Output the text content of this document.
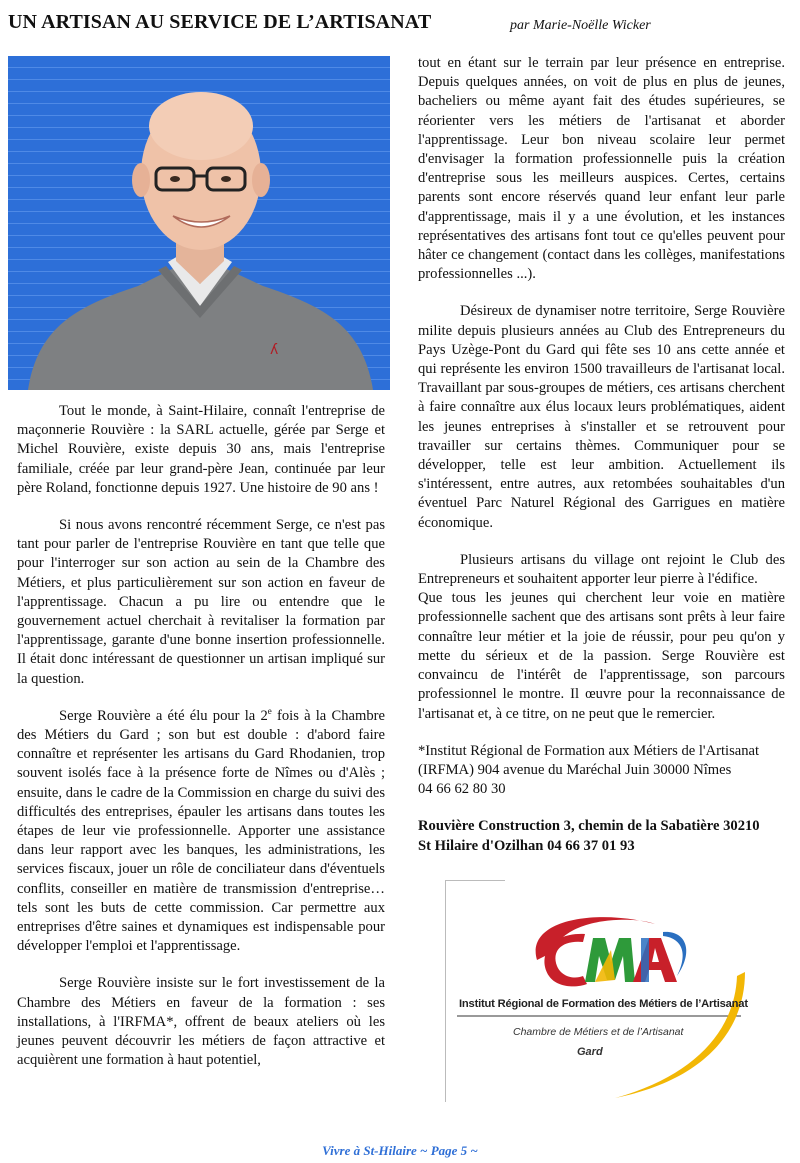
UN ARTISAN AU SERVICE DE L’ARTISANAT	par Marie-Noëlle Wicker
ʎ

Tout le monde, à Saint-Hilaire, connaît l'entreprise de maçonnerie Rouvière : la SARL actuelle, gérée par Serge et Michel Rouvière, existe depuis 30 ans, mais l'entreprise familiale, créée par leur grand-père Jean, continuée par leur père Roland, fonctionne depuis 1927. Une histoire de 90 ans !

Si nous avons rencontré récemment Serge, ce n'est pas tant pour parler de l'entreprise Rouvière en tant que telle que pour l'interroger sur son action au sein de la Chambre des Métiers, et plus particulièrement sur son action en faveur de l'apprentissage. Chacun a pu lire ou entendre que le gouvernement actuel cherchait à revitaliser la formation par l'apprentissage, garante d'une bonne insertion professionnelle. Il était donc intéressant de questionner un artisan impliqué sur la question.

Serge Rouvière a été élu pour la 2e fois à la Chambre des Métiers du Gard ; son but est double : d'abord faire connaître et représenter les artisans du Gard Rhodanien, trop souvent isolés face à la présence forte de Nîmes ou d'Alès ; ensuite, dans le cadre de la Commission en charge du suivi des difficultés des entreprises, épauler les artisans dans toutes les étapes de leur vie professionnelle. Apporter une assistance dans leur rapport avec les banques, les administrations, les services fiscaux, jouer un rôle de conciliateur dans d'éventuels conflits, conseiller en matière de transmission d'entreprise… tels sont les buts de cette commission. Car permettre aux entreprises d'être saines et dynamiques est indispensable pour développer l'emploi et l'apprentissage.

Serge Rouvière insiste sur le fort investissement de la Chambre des Métiers en faveur de la formation : ses installations, à l'IRFMA*, offrent de beaux ateliers où les jeunes peuvent découvrir les métiers de façon attractive et acquièrent une formation à haut potentiel,

tout en étant sur le terrain par leur présence en entreprise. Depuis quelques années, on voit de plus en plus de jeunes, bacheliers ou même ayant fait des études supérieures, se réorienter vers les métiers de l'artisanat et aborder l'apprentissage. Leur bon niveau scolaire leur permet d'envisager la formation professionnelle puis la création d'entreprise sous les meilleurs auspices. Certes, certains parents sont encore réservés quand leur enfant leur parle d'apprentissage, mais il y a une évolution, et les instances représentatives des artisans font tout ce qu'elles peuvent pour hâter ce changement (contact dans les collèges, manifestations professionnelles ...).

Désireux de dynamiser notre territoire, Serge Rouvière milite depuis plusieurs années au Club des Entrepreneurs du Pays Uzège-Pont du Gard qui fête ses 10 ans cette année et qui représente les environ 1500 travailleurs de l'artisanat local. Travaillant par sous-groupes de métiers, ces artisans cherchent à faire connaître aux élus locaux leurs problématiques, aident les jeunes entreprises à s'installer et se retrouvent pour travailler sur certains thèmes. Communiquer pour se développer, telle est leur ambition. Actuellement ils s'intéressent, entre autres, aux retombées souhaitables d'un éventuel Parc Naturel Régional des Garrigues en matière économique.

Plusieurs artisans du village ont rejoint le Club des Entrepreneurs et souhaitent apporter leur pierre à l'édifice.

Que tous les jeunes qui cherchent leur voie en matière professionnelle sachent que des artisans sont prêts à leur faire connaître leur métier et la joie de réussir, pour peu qu'on y mette du sérieux et de la passion. Serge Rouvière est convaincu de l'intérêt de l'apprentissage, son parcours professionnel le montre. Il œuvre pour la reconnaissance de l'artisanat et, à ce titre, on ne peut que le remercier.

*Institut Régional de Formation aux Métiers de l'Artisanat (IRFMA) 904 avenue du Maréchal Juin 30000 Nîmes
04 66 62 80 30
Rouvière Construction 3, chemin de la Sabatière 30210
St Hilaire d'Ozilhan 04 66 37 01 93
Institut Régional de Formation des Métiers de l’Artisanat
Chambre de Métiers et de l’Artisanat
Gard
Vivre à St-Hilaire ~ Page 5 ~
